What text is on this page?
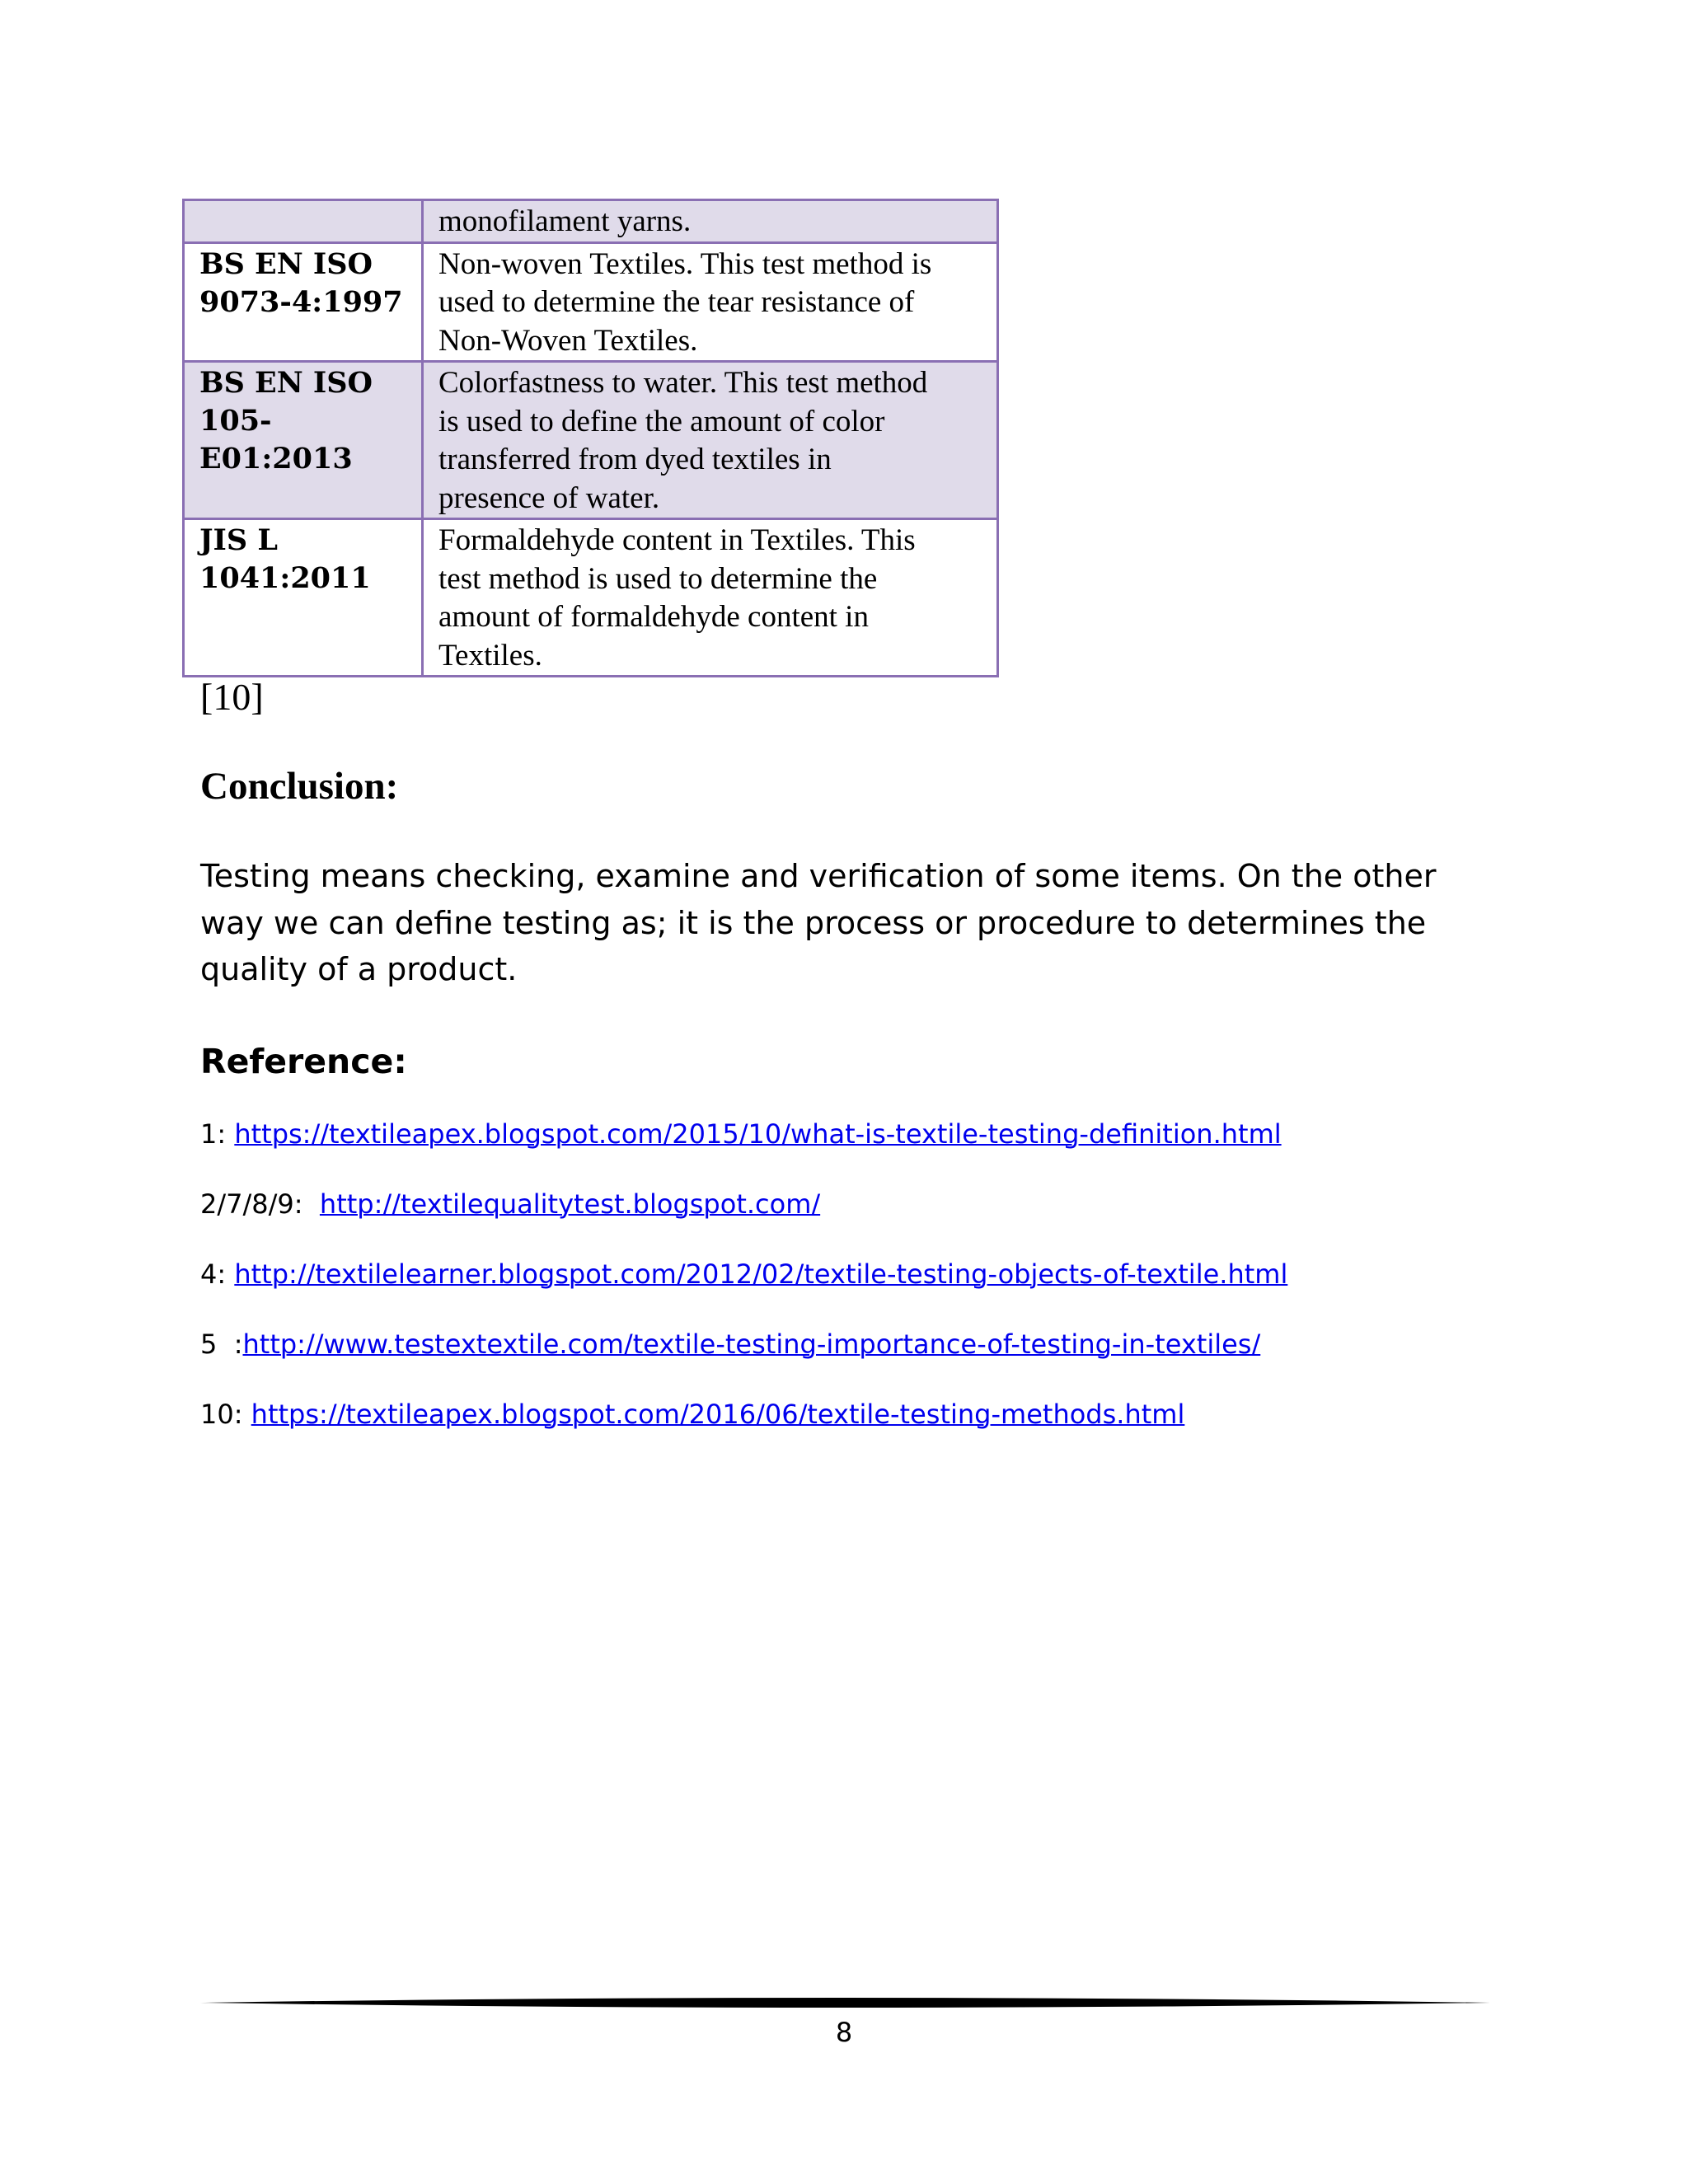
	monofilament yarns.

BS EN ISO
9073-4:1997	Non-woven Textiles. This test method is
used to determine the tear resistance of
Non-Woven Textiles.

BS EN ISO
105-
E01:2013	Colorfastness to water. This test method
is used to define the amount of color
transferred from dyed textiles in
presence of water.

JIS L
1041:2011	Formaldehyde content in Textiles. This
test method is used to determine the
amount of formaldehyde content in
Textiles.
[10]
Conclusion:
Testing means checking, examine and verification of some items. On the other
way we can define testing as; it is the process or procedure to determines the
quality of a product.
Reference:
1: https://textileapex.blogspot.com/2015/10/what-is-textile-testing-definition.html
2/7/8/9:  http://textilequalitytest.blogspot.com/
4: http://textilelearner.blogspot.com/2012/02/textile-testing-objects-of-textile.html
5  :http://www.testextextile.com/textile-testing-importance-of-testing-in-textiles/
10: https://textileapex.blogspot.com/2016/06/textile-testing-methods.html
8
